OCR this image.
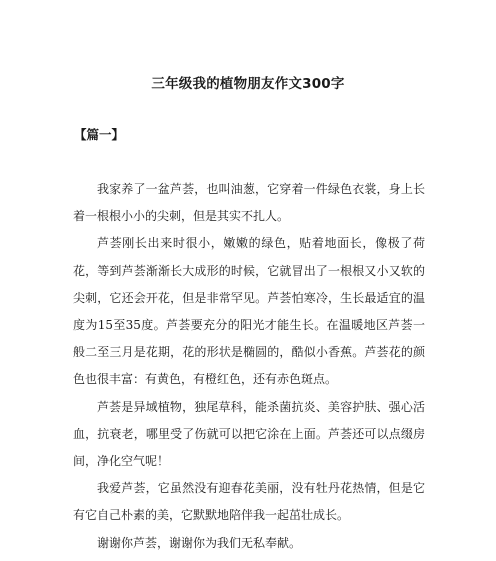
三年级我的植物朋友作文300字
【篇一】

我家养了一盆芦荟，也叫油葱，它穿着一件绿色衣裳，身上长着一根根小小的尖刺，但是其实不扎人。

芦荟刚长出来时很小，嫩嫩的绿色，贴着地面长，像极了荷花，等到芦荟渐渐长大成形的时候，它就冒出了一根根又小又软的尖刺，它还会开花，但是非常罕见。芦荟怕寒冷，生长最适宜的温度为15至35度。芦荟要充分的阳光才能生长。在温暖地区芦荟一般二至三月是花期，花的形状是椭圆的，酷似小香蕉。芦荟花的颜色也很丰富：有黄色，有橙红色，还有赤色斑点。

芦荟是异域植物，独尾草科，能杀菌抗炎、美容护肤、强心活血，抗衰老，哪里受了伤就可以把它涂在上面。芦荟还可以点缀房间，净化空气呢！

我爱芦荟，它虽然没有迎春花美丽，没有牡丹花热情，但是它有它自己朴素的美，它默默地陪伴我一起茁壮成长。

谢谢你芦荟，谢谢你为我们无私奉献。
